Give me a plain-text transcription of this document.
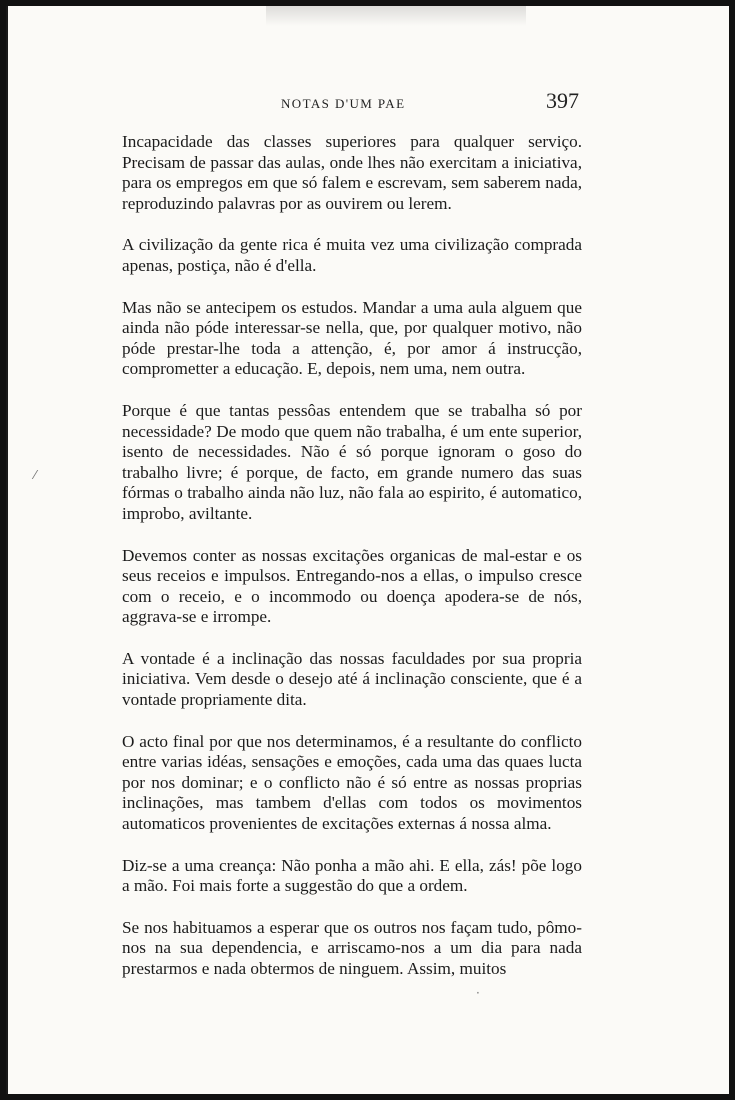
NOTAS D'UM PAE	397

Incapacidade das classes superiores para qualquer serviço. Precisam de passar das aulas, onde lhes não exercitam a iniciativa, para os empregos em que só falem e escrevam, sem saberem nada, reproduzindo palavras por as ouvirem ou lerem.

A civilização da gente rica é muita vez uma civilização comprada apenas, postiça, não é d'ella.

Mas não se antecipem os estudos. Mandar a uma aula alguem que ainda não póde interessar-se nella, que, por qualquer motivo, não póde prestar-lhe toda a attenção, é, por amor á instrucção, comprometter a educação. E, depois, nem uma, nem outra.

Porque é que tantas pessôas entendem que se trabalha só por necessidade? De modo que quem não trabalha, é um ente superior, isento de necessidades. Não é só porque ignoram o goso do trabalho livre; é porque, de facto, em grande numero das suas fórmas o trabalho ainda não luz, não fala ao espirito, é automatico, improbo, aviltante.

Devemos conter as nossas excitações organicas de mal-estar e os seus receios e impulsos. Entregando-nos a ellas, o impulso cresce com o receio, e o incommodo ou doença apodera-se de nós, aggrava-se e irrompe.

A vontade é a inclinação das nossas faculdades por sua propria iniciativa. Vem desde o desejo até á inclinação consciente, que é a vontade propriamente dita.

O acto final por que nos determinamos, é a resultante do conflicto entre varias idéas, sensações e emoções, cada uma das quaes lucta por nos dominar; e o conflicto não é só entre as nossas proprias inclinações, mas tambem d'ellas com todos os movimentos automaticos provenientes de excitações externas á nossa alma.

Diz-se a uma creança: Não ponha a mão ahi. E ella, zás! põe logo a mão. Foi mais forte a suggestão do que a ordem.

Se nos habituamos a esperar que os outros nos façam tudo, pômo-nos na sua dependencia, e arriscamo-nos a um dia para nada prestarmos e nada obtermos de ninguem. Assim, muitos

⁄
·
